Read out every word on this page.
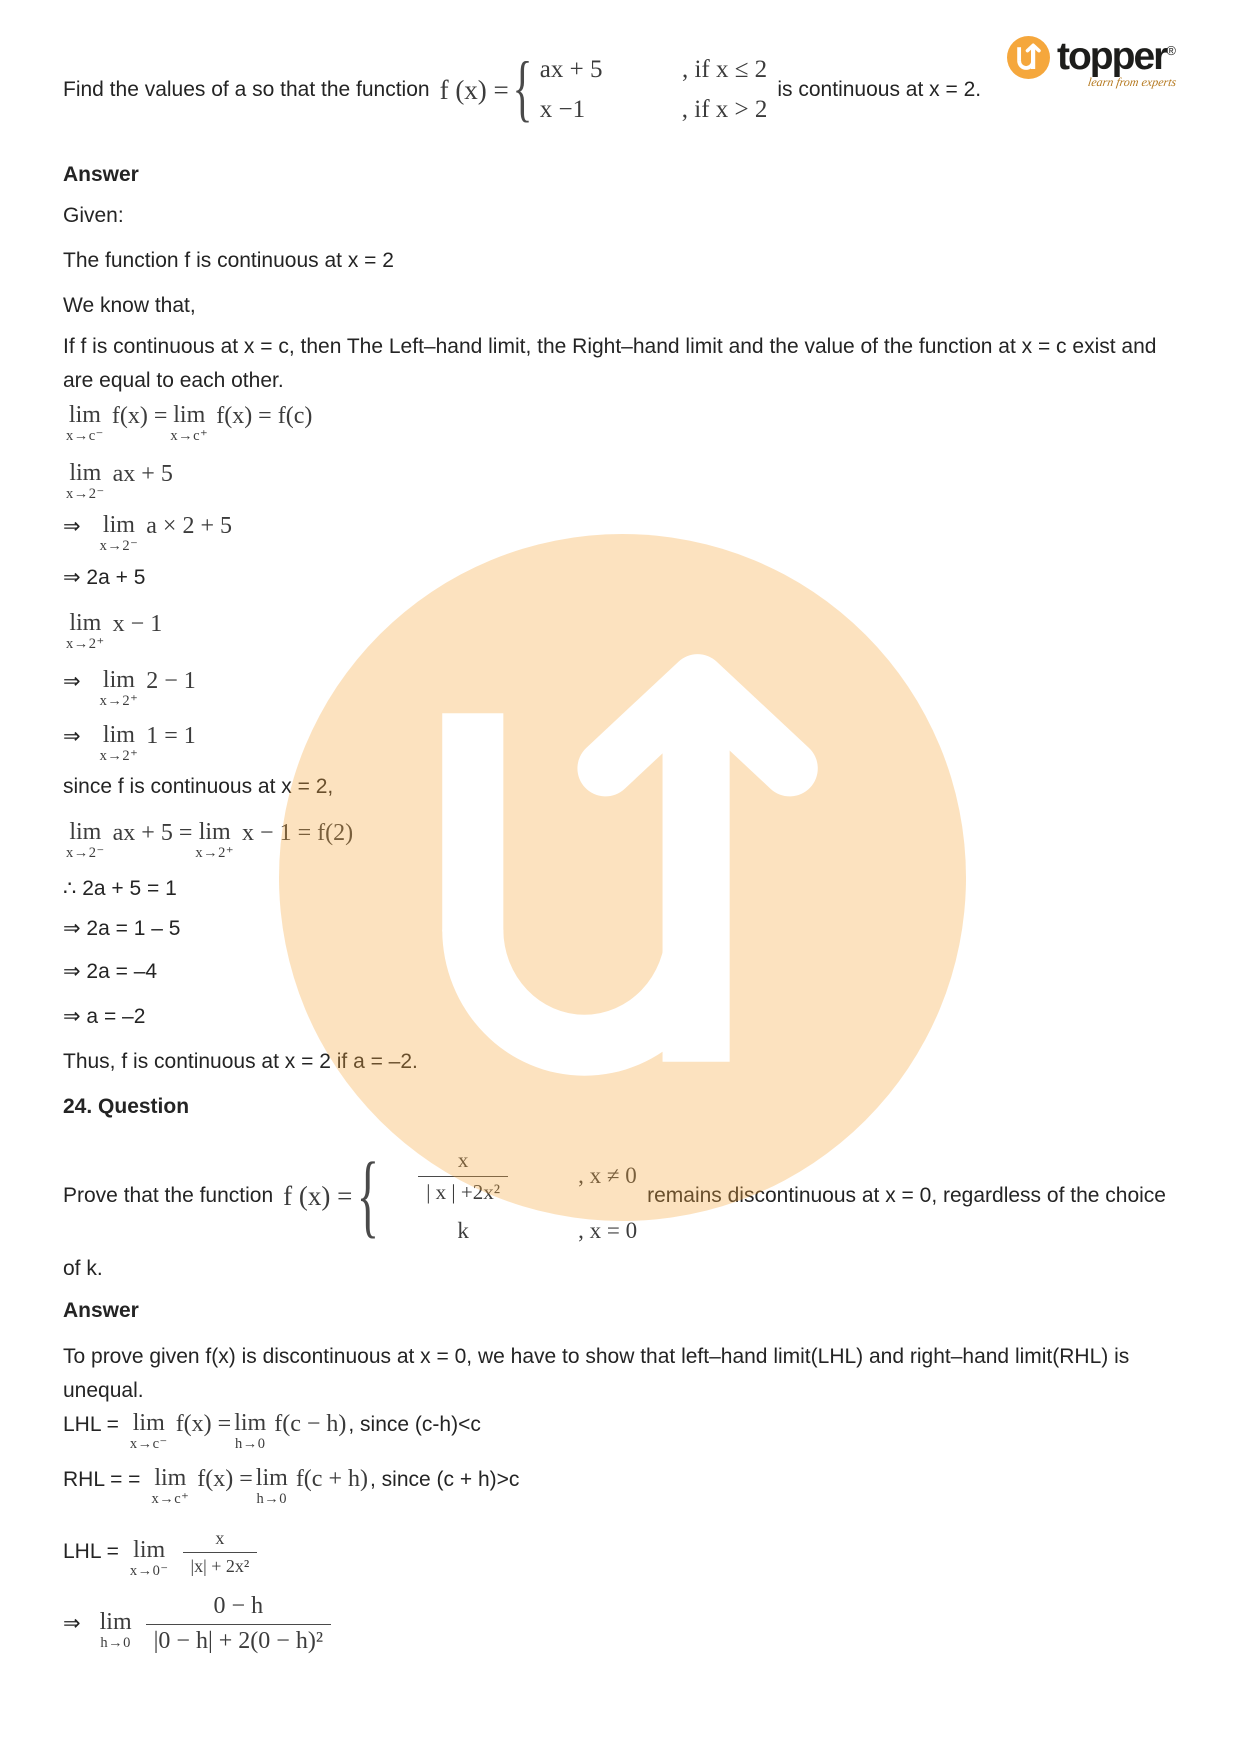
topper®
learn from experts
Find the values of a so that the function f (x) = { ax + 5	, if x ≤ 2
x −1	, if x > 2
is continuous at x = 2.
Answer
Given:
The function f is continuous at x = 2
We know that,
If f is continuous at x = c, then The Left–hand limit, the Right–hand limit and the value of the function at x = c exist and are equal to each other.
lim
x→c⁻
f(x) = lim
x→c⁺
f(x) = f(c)
lim
x→2⁻
ax + 5
⇒ lim
x→2⁻
a × 2 + 5
⇒ 2a + 5
lim
x→2⁺
x − 1
⇒ lim
x→2⁺
2 − 1
⇒ lim
x→2⁺
1 = 1
since f is continuous at x = 2,
lim
x→2⁻
ax + 5 = lim
x→2⁺
x − 1 = f(2)
∴ 2a + 5 = 1
⇒ 2a = 1 – 5
⇒ 2a = –4
⇒ a = –2
Thus, f is continuous at x = 2 if a = –2.
24. Question
Prove that the function f (x) = { $\frac{x}{\text{| x | +2x²}}$	, x ≠ 0
k	, x = 0
remains discontinuous at x = 0, regardless of the choice
of k.
Answer
To prove given f(x) is discontinuous at x = 0, we have to show that left–hand limit(LHL) and right–hand limit(RHL) is unequal.
LHL = lim
x→c⁻
f(x) = lim
h→0
f(c − h), since (c-h)<c
RHL = = lim
x→c⁺
f(x) = lim
h→0
f(c + h), since (c + h)>c
LHL = lim
$x\to 0^- \frac{x}{\text{|x| + 2x²}}$
⇒ lim
$h\to 0 \frac{0 - h}{\text{|0 − h| + 2(0 − h)²}}$
